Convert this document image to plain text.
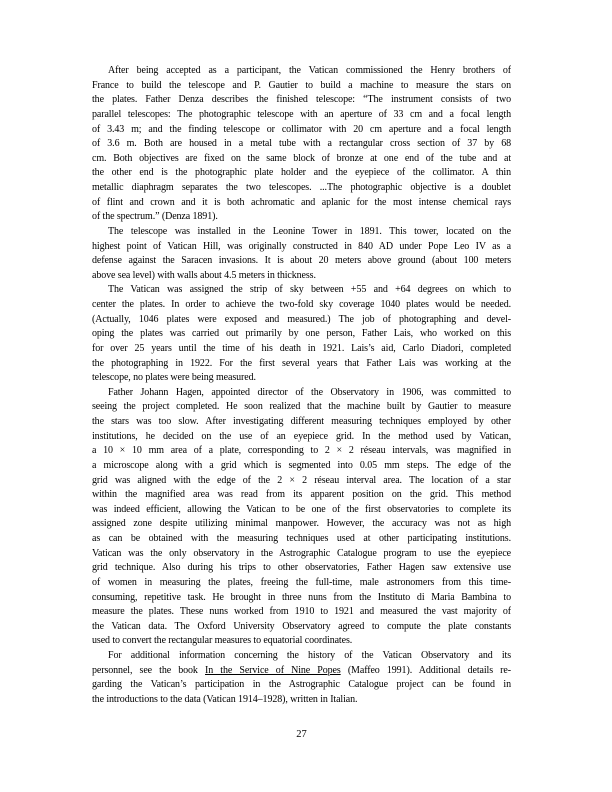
After being accepted as a participant, the Vatican commissioned the Henry brothers of
France to build the telescope and P. Gautier to build a machine to measure the stars on
the plates. Father Denza describes the finished telescope: “The instrument consists of two
parallel telescopes: The photographic telescope with an aperture of 33 cm and a focal length
of 3.43 m; and the finding telescope or collimator with 20 cm aperture and a focal length
of 3.6 m. Both are housed in a metal tube with a rectangular cross section of 37 by 68
cm. Both objectives are fixed on the same block of bronze at one end of the tube and at
the other end is the photographic plate holder and the eyepiece of the collimator. A thin
metallic diaphragm separates the two telescopes. ...The photographic objective is a doublet
of flint and crown and it is both achromatic and aplanic for the most intense chemical rays
of the spectrum.” (Denza 1891).
The telescope was installed in the Leonine Tower in 1891. This tower, located on the
highest point of Vatican Hill, was originally constructed in 840 AD under Pope Leo IV as a
defense against the Saracen invasions. It is about 20 meters above ground (about 100 meters
above sea level) with walls about 4.5 meters in thickness.
The Vatican was assigned the strip of sky between +55 and +64 degrees on which to
center the plates. In order to achieve the two-fold sky coverage 1040 plates would be needed.
(Actually, 1046 plates were exposed and measured.) The job of photographing and devel-
oping the plates was carried out primarily by one person, Father Lais, who worked on this
for over 25 years until the time of his death in 1921. Lais’s aid, Carlo Diadori, completed
the photographing in 1922. For the first several years that Father Lais was working at the
telescope, no plates were being measured.
Father Johann Hagen, appointed director of the Observatory in 1906, was committed to
seeing the project completed. He soon realized that the machine built by Gautier to measure
the stars was too slow. After investigating different measuring techniques employed by other
institutions, he decided on the use of an eyepiece grid. In the method used by Vatican,
a 10 × 10 mm area of a plate, corresponding to 2 × 2 réseau intervals, was magnified in
a microscope along with a grid which is segmented into 0.05 mm steps. The edge of the
grid was aligned with the edge of the 2 × 2 réseau interval area. The location of a star
within the magnified area was read from its apparent position on the grid. This method
was indeed efficient, allowing the Vatican to be one of the first observatories to complete its
assigned zone despite utilizing minimal manpower. However, the accuracy was not as high
as can be obtained with the measuring techniques used at other participating institutions.
Vatican was the only observatory in the Astrographic Catalogue program to use the eyepiece
grid technique. Also during his trips to other observatories, Father Hagen saw extensive use
of women in measuring the plates, freeing the full-time, male astronomers from this time-
consuming, repetitive task. He brought in three nuns from the Instituto di Maria Bambina to
measure the plates. These nuns worked from 1910 to 1921 and measured the vast majority of
the Vatican data. The Oxford University Observatory agreed to compute the plate constants
used to convert the rectangular measures to equatorial coordinates.
For additional information concerning the history of the Vatican Observatory and its
personnel, see the book In the Service of Nine Popes (Maffeo 1991). Additional details re-
garding the Vatican’s participation in the Astrographic Catalogue project can be found in
the introductions to the data (Vatican 1914–1928), written in Italian.
27
